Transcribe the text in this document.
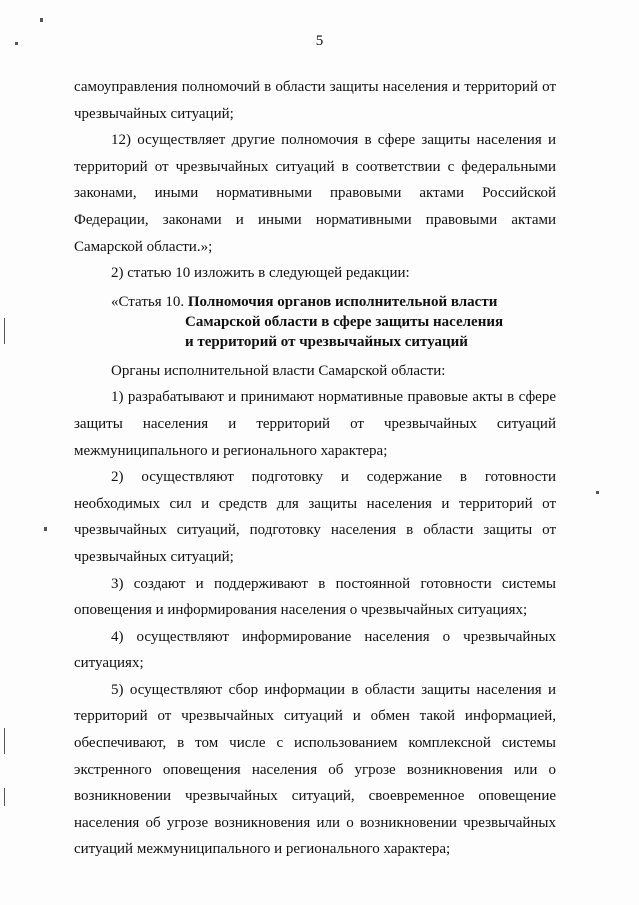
5

самоуправления полномочий в области защиты населения и территорий от чрезвычайных ситуаций;

12) осуществляет другие полномочия в сфере защиты населения и территорий от чрезвычайных ситуаций в соответствии с федеральными законами, иными нормативными правовыми актами Российской Федерации, законами и иными нормативными правовыми актами Самарской области.»;

2) статью 10 изложить в следующей редакции:

«Статья 10. Полномочия органов исполнительной власти
Самарской области в сфере защиты населения
и территорий от чрезвычайных ситуаций

Органы исполнительной власти Самарской области:

1) разрабатывают и принимают нормативные правовые акты в сфере защиты населения и территорий от чрезвычайных ситуаций межмуниципального и регионального характера;

2) осуществляют подготовку и содержание в готовности необходимых сил и средств для защиты населения и территорий от чрезвычайных ситуаций, подготовку населения в области защиты от чрезвычайных ситуаций;

3) создают и поддерживают в постоянной готовности системы оповещения и информирования населения о чрезвычайных ситуациях;

4) осуществляют информирование населения о чрезвычайных ситуациях;

5) осуществляют сбор информации в области защиты населения и территорий от чрезвычайных ситуаций и обмен такой информацией, обеспечивают, в том числе с использованием комплексной системы экстренного оповещения населения об угрозе возникновения или о возникновении чрезвычайных ситуаций, своевременное оповещение населения об угрозе возникновения или о возникновении чрезвычайных ситуаций межмуниципального и регионального характера;
